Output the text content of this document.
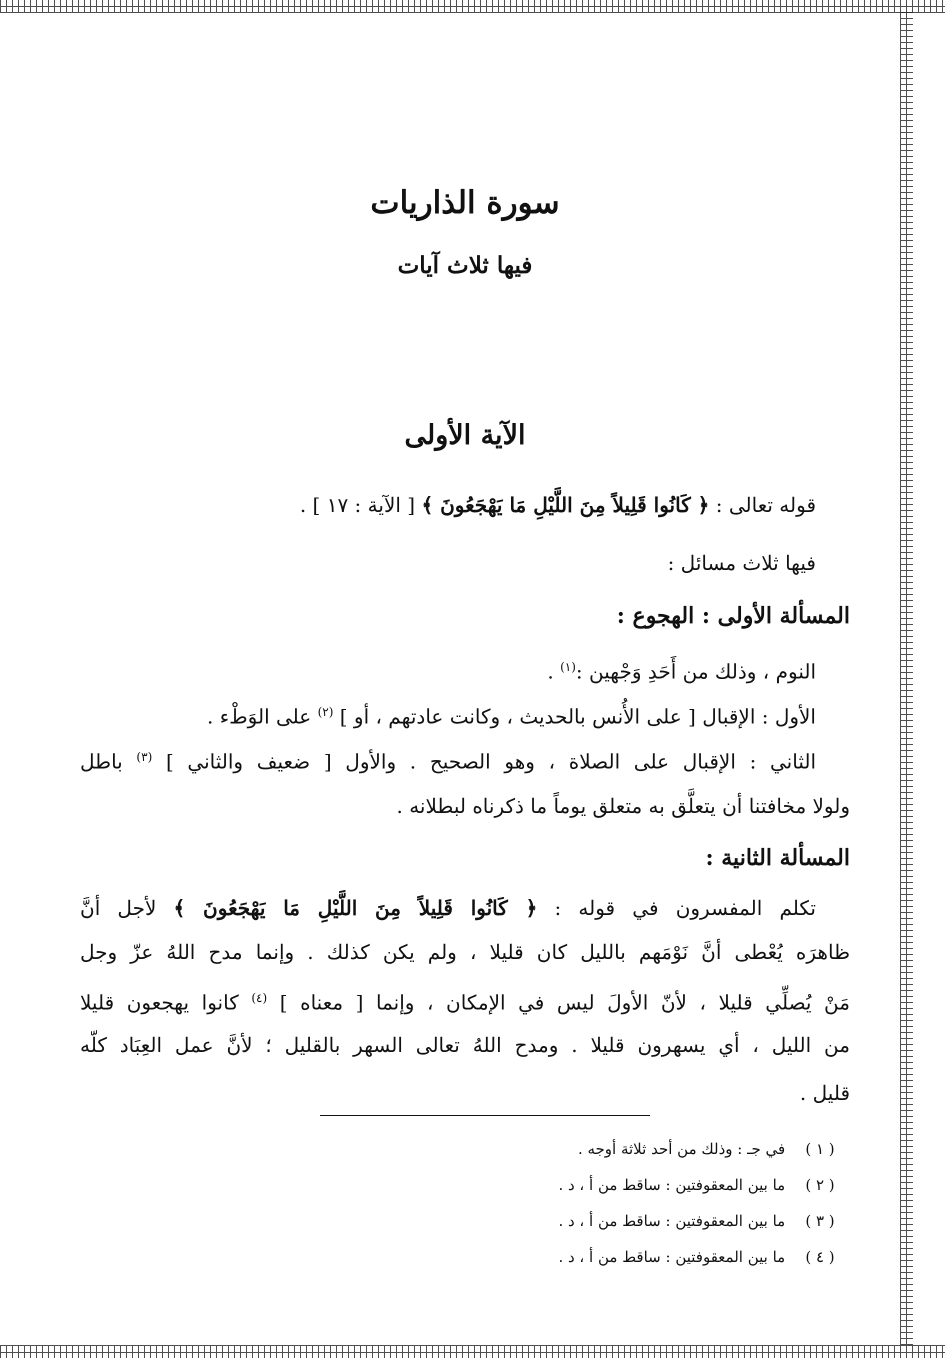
سورة الذاريات
فيها ثلاث آيات
الآية الأولى
قوله تعالى : ﴿ كَانُوا قَلِيلاً مِنَ اللَّيْلِ مَا يَهْجَعُونَ ﴾ [ الآية : ١٧ ] .
فيها ثلاث مسائل :
المسألة الأولى : الهجوع :
النوم ، وذلك من أَحَدِ وَجْهين :$^{(١)}$ .
الأول : الإقبال [ على الأُنس بالحديث ، وكانت عادتهم ، أو ] $^{(٢)}$ على الوَطْء .
الثاني : الإقبال على الصلاة ، وهو الصحيح . والأول [ ضعيف والثاني ] $^{(٣)}$ باطل
ولولا مخافتنا أن يتعلَّق به متعلق يوماً ما ذكرناه لبطلانه .
المسألة الثانية :
تكلم المفسرون في قوله : ﴿ كَانُوا قَلِيلاً مِنَ اللَّيْلِ مَا يَهْجَعُونَ ﴾ لأجل أنَّ
ظاهرَه يُعْطى أنَّ نَوْمَهم بالليل كان قليلا ، ولم يكن كذلك . وإنما مدح اللهُ عزّ وجل
مَنْ يُصلِّي قليلا ، لأنّ الأولَ ليس في الإمكان ، وإنما [ معناه ] $^{(٤)}$ كانوا يهجعون قليلا
من الليل ، أي يسهرون قليلا . ومدح اللهُ تعالى السهر بالقليل ؛ لأنَّ عمل العِبَاد كلّه
قليل .
( ١ ) في جـ : وذلك من أحد ثلاثة أوجه .
( ٢ ) ما بين المعقوفتين : ساقط من أ ، د .
( ٣ ) ما بين المعقوفتين : ساقط من أ ، د .
( ٤ ) ما بين المعقوفتين : ساقط من أ ، د .
